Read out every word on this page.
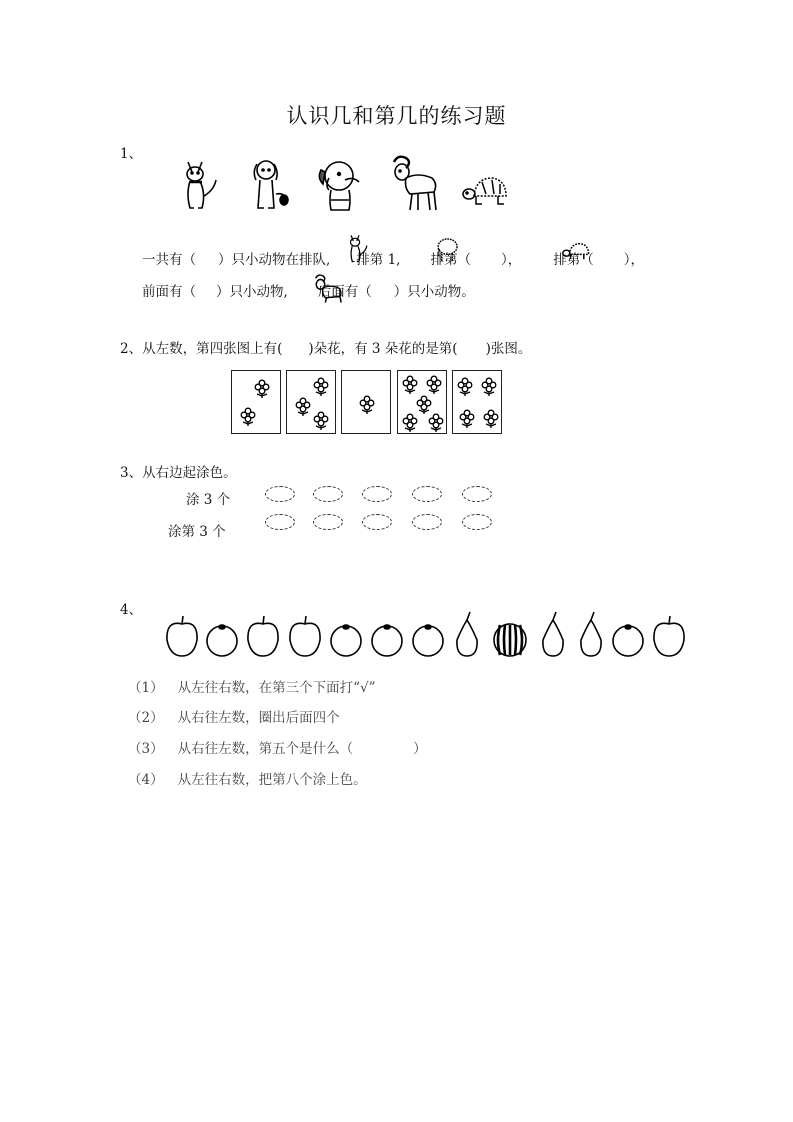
认识几和第几的练习题
1、
一共有（ ）只小动物在排队, 排第 1, 排第（ ）， 排第（ ），
前面有（ ）只小动物, 后面有（ ）只小动物。
2、从左数，第四张图上有( )朵花，有 3 朵花的是第( )张图。
3、从右边起涂色。
涂 3 个
涂第 3 个
4、
（1） 从左往右数，在第三个下面打“√”
（2） 从右往左数，圈出后面四个
（3） 从右往左数，第五个是什么（	）
（4） 从左往右数，把第八个涂上色。
